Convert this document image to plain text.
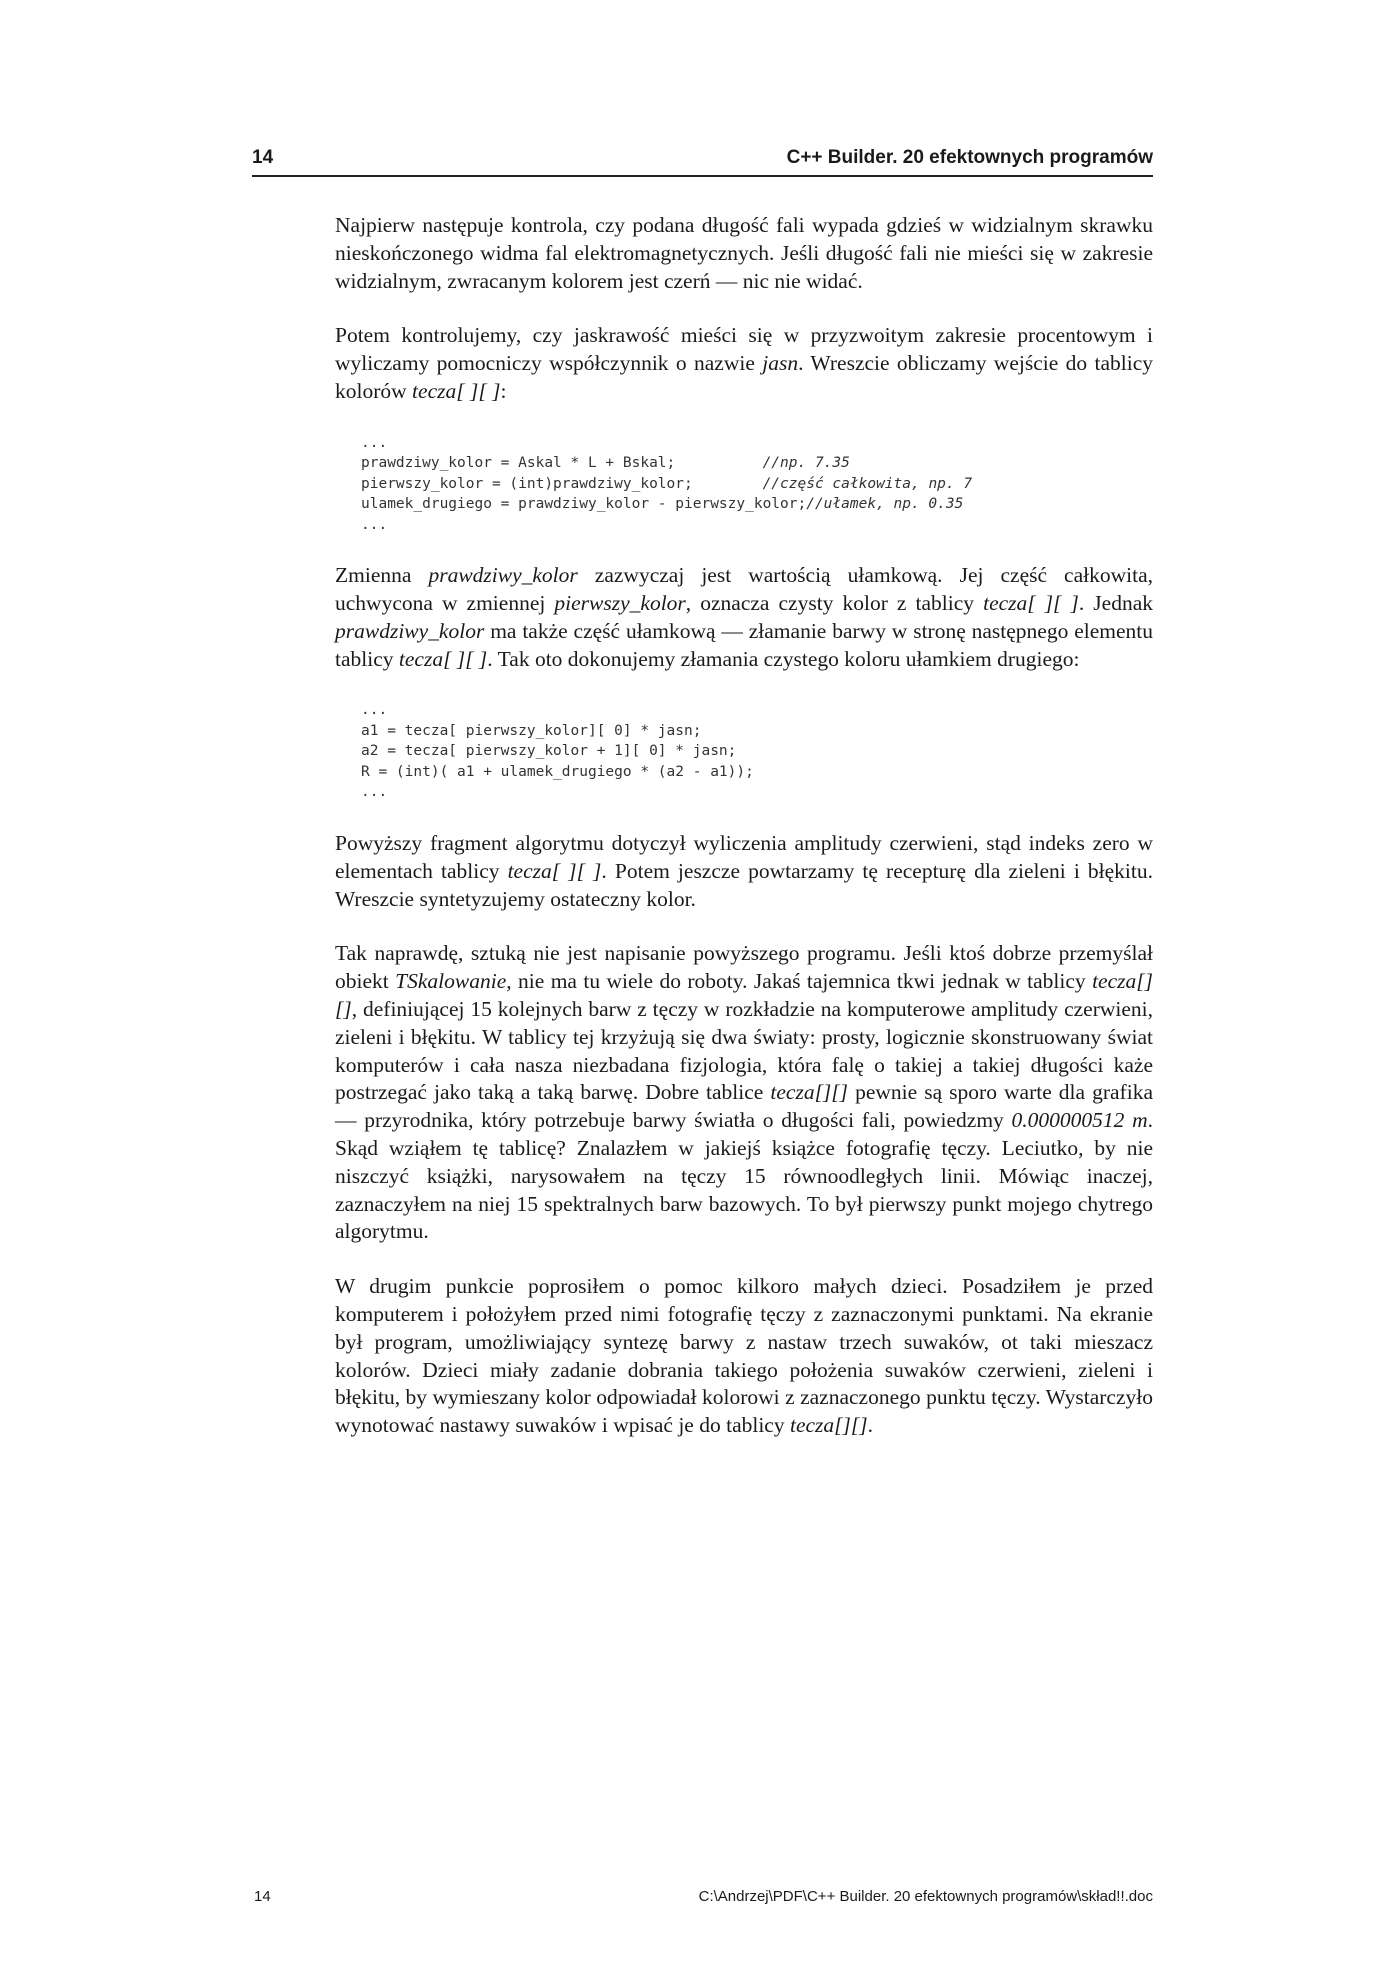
14	C++ Builder. 20 efektownych programów

Najpierw następuje kontrola, czy podana długość fali wypada gdzieś w widzialnym skrawku nieskończonego widma fal elektromagnetycznych. Jeśli długość fali nie mieści się w zakresie widzialnym, zwracanym kolorem jest czerń — nic nie widać.

Potem kontrolujemy, czy jaskrawość mieści się w przyzwoitym zakresie procentowym i wyliczamy pomocniczy współczynnik o nazwie jasn. Wreszcie obliczamy wejście do tablicy kolorów tecza[ ][ ]:

...
prawdziwy_kolor = Askal * L + Bskal;          //np. 7.35
pierwszy_kolor = (int)prawdziwy_kolor;        //część całkowita, np. 7
ulamek_drugiego = prawdziwy_kolor - pierwszy_kolor;//ułamek, np. 0.35
...

Zmienna prawdziwy_kolor zazwyczaj jest wartością ułamkową. Jej część całkowita, uchwycona w zmiennej pierwszy_kolor, oznacza czysty kolor z tablicy tecza[ ][ ]. Jednak prawdziwy_kolor ma także część ułamkową — złamanie barwy w stronę następnego elementu tablicy tecza[ ][ ]. Tak oto dokonujemy złamania czystego koloru ułamkiem drugiego:

...
a1 = tecza[ pierwszy_kolor][ 0] * jasn;
a2 = tecza[ pierwszy_kolor + 1][ 0] * jasn;
R = (int)( a1 + ulamek_drugiego * (a2 - a1));
...

Powyższy fragment algorytmu dotyczył wyliczenia amplitudy czerwieni, stąd indeks zero w elementach tablicy tecza[ ][ ]. Potem jeszcze powtarzamy tę recepturę dla zieleni i błękitu. Wreszcie syntetyzujemy ostateczny kolor.

Tak naprawdę, sztuką nie jest napisanie powyższego programu. Jeśli ktoś dobrze przemyślał obiekt TSkalowanie, nie ma tu wiele do roboty. Jakaś tajemnica tkwi jednak w tablicy tecza[][], definiującej 15 kolejnych barw z tęczy w rozkładzie na komputerowe amplitudy czerwieni, zieleni i błękitu. W tablicy tej krzyżują się dwa światy: prosty, logicznie skonstruowany świat komputerów i cała nasza niezbadana fizjologia, która falę o takiej a takiej długości każe postrzegać jako taką a taką barwę. Dobre tablice tecza[][] pewnie są sporo warte dla grafika — przyrodnika, który potrzebuje barwy światła o długości fali, powiedzmy 0.000000512 m. Skąd wziąłem tę tablicę? Znalazłem w jakiejś książce fotografię tęczy. Leciutko, by nie niszczyć książki, narysowałem na tęczy 15 równoodległych linii. Mówiąc inaczej, zaznaczyłem na niej 15 spektralnych barw bazowych. To był pierwszy punkt mojego chytrego algorytmu.

W drugim punkcie poprosiłem o pomoc kilkoro małych dzieci. Posadziłem je przed komputerem i położyłem przed nimi fotografię tęczy z zaznaczonymi punktami. Na ekranie był program, umożliwiający syntezę barwy z nastaw trzech suwaków, ot taki mieszacz kolorów. Dzieci miały zadanie dobrania takiego położenia suwaków czerwieni, zieleni i błękitu, by wymieszany kolor odpowiadał kolorowi z zaznaczonego punktu tęczy. Wystarczyło wynotować nastawy suwaków i wpisać je do tablicy tecza[][].

14	C:\Andrzej\PDF\C++ Builder. 20 efektownych programów\skład!!.doc
